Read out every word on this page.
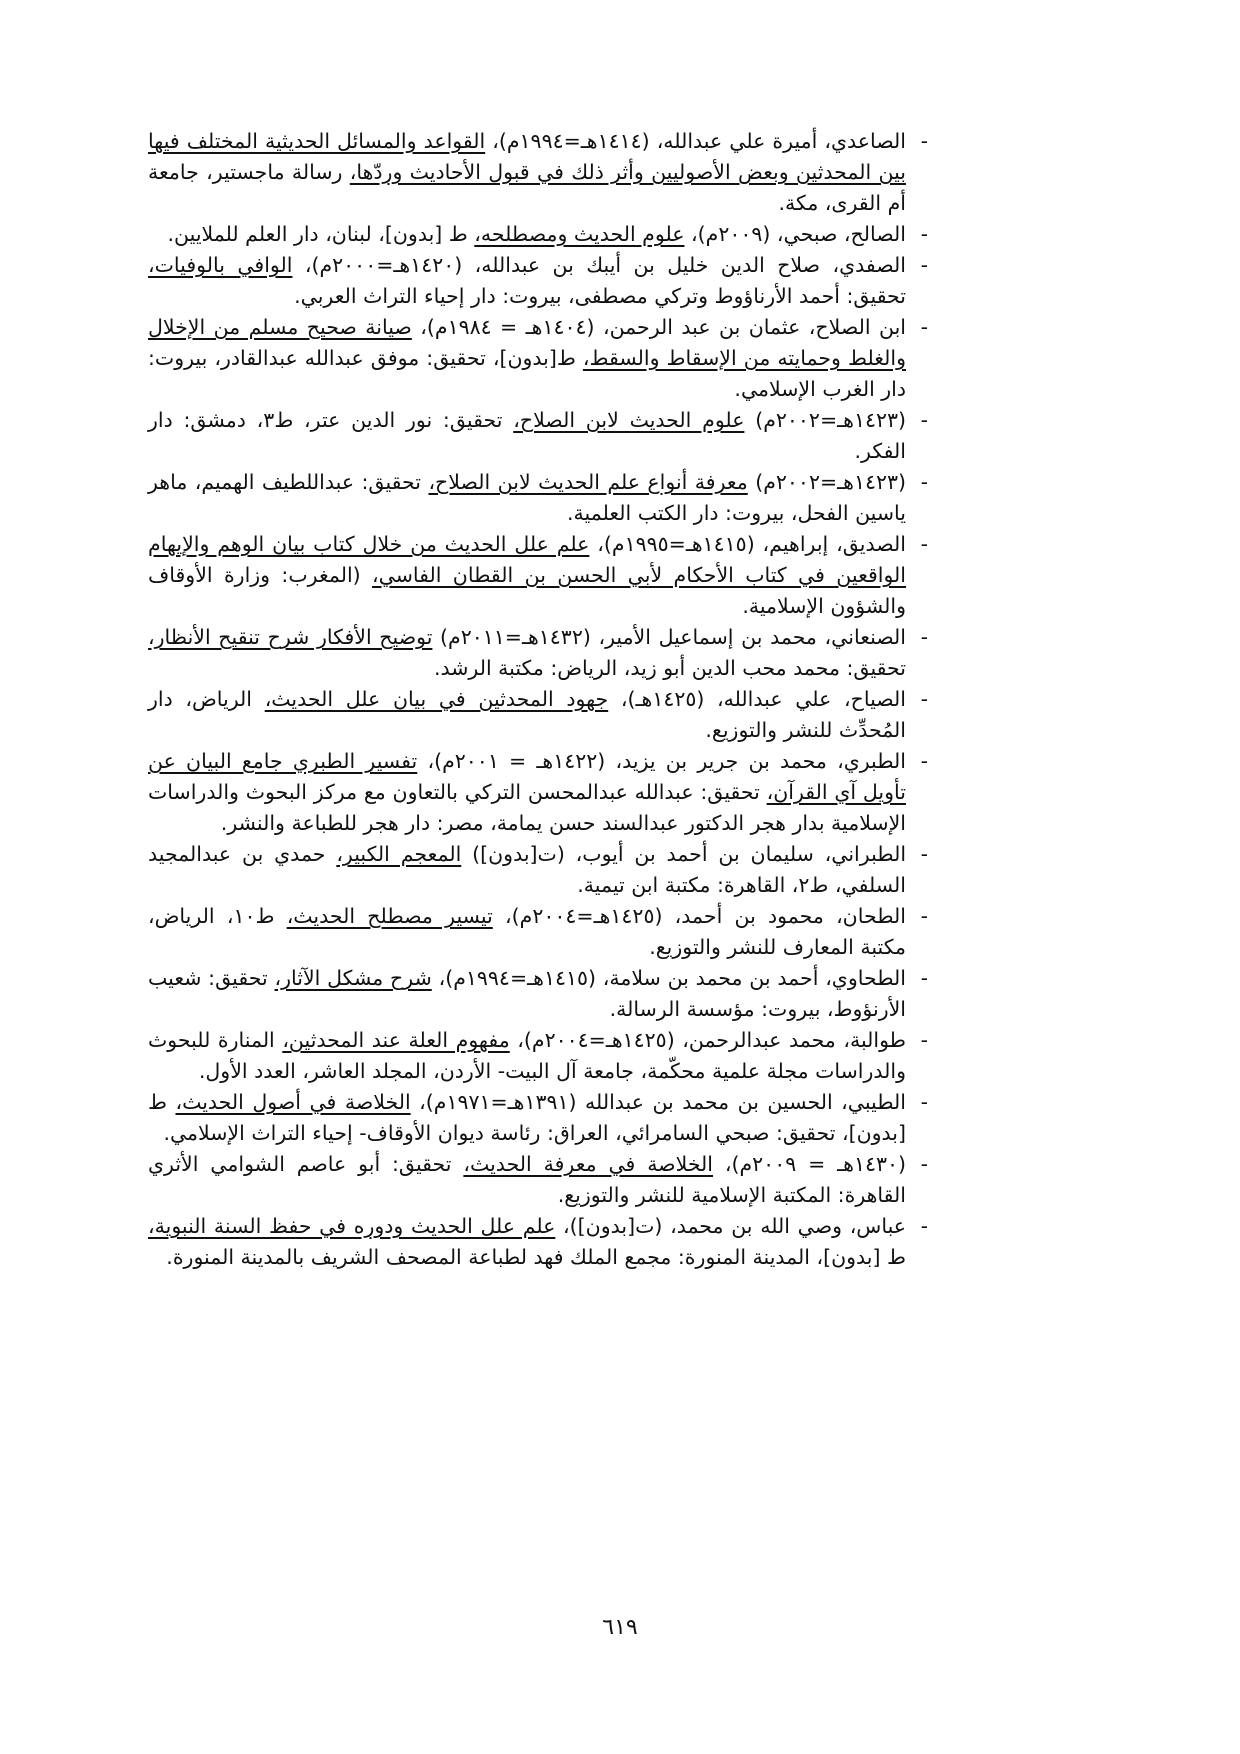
-
الصاعدي، أميرة علي عبدالله، (١٤١٤هـ=١٩٩٤م)، القواعد والمسائل الحديثية المختلف فيها بين المحدثين وبعض الأصوليين وأثر ذلك في قبول الأحاديث وردّها، رسالة ماجستير، جامعة أم القرى، مكة.

-
الصالح، صبحي، (٢٠٠٩م)، علوم الحديث ومصطلحه، ط [بدون]، لبنان، دار العلم للملايين.

-
الصفدي، صلاح الدين خليل بن أيبك بن عبدالله، (١٤٢٠هـ=٢٠٠٠م)، الوافي بالوفيات، تحقيق: أحمد الأرناؤوط وتركي مصطفى، بيروت: دار إحياء التراث العربي.

-
ابن الصلاح، عثمان بن عبد الرحمن، (١٤٠٤هـ = ١٩٨٤م)، صيانة صحيح مسلم من الإخلال والغلط وحمايته من الإسقاط والسقط، ط[بدون]، تحقيق: موفق عبدالله عبدالقادر، بيروت: دار الغرب الإسلامي.

-
(١٤٢٣هـ=٢٠٠٢م) علوم الحديث لابن الصلاح، تحقيق: نور الدين عتر، ط٣، دمشق: دار الفكر.

-
(١٤٢٣هـ=٢٠٠٢م) معرفة أنواع علم الحديث لابن الصلاح، تحقيق: عبداللطيف الهميم، ماهر ياسين الفحل، بيروت: دار الكتب العلمية.

-
الصديق، إبراهيم، (١٤١٥هـ=١٩٩٥م)، علم علل الحديث من خلال كتاب بيان الوهم والإيهام الواقعين في كتاب الأحكام لأبي الحسن بن القطان الفاسي، (المغرب: وزارة الأوقاف والشؤون الإسلامية.

-
الصنعاني، محمد بن إسماعيل الأمير، (١٤٣٢هـ=٢٠١١م) توضيح الأفكار شرح تنقيح الأنظار، تحقيق: محمد محب الدين أبو زيد، الرياض: مكتبة الرشد.

-
الصياح، علي عبدالله، (١٤٢٥هـ)، جهود المحدثين في بيان علل الحديث، الرياض، دار المُحدِّث للنشر والتوزيع.

-
الطبري، محمد بن جرير بن يزيد، (١٤٢٢هـ = ٢٠٠١م)، تفسير الطبري جامع البيان عن تأويل آي القرآن، تحقيق: عبدالله عبدالمحسن التركي بالتعاون مع مركز البحوث والدراسات الإسلامية بدار هجر الدكتور عبدالسند حسن يمامة، مصر: دار هجر للطباعة والنشر.

-
الطبراني، سليمان بن أحمد بن أيوب، (ت[بدون]) المعجم الكبير، حمدي بن عبدالمجيد السلفي، ط٢، القاهرة: مكتبة ابن تيمية.

-
الطحان، محمود بن أحمد، (١٤٢٥هـ=٢٠٠٤م)، تيسير مصطلح الحديث، ط١٠، الرياض، مكتبة المعارف للنشر والتوزيع.

-
الطحاوي، أحمد بن محمد بن سلامة، (١٤١٥هـ=١٩٩٤م)، شرح مشكل الآثار، تحقيق: شعيب الأرنؤوط، بيروت: مؤسسة الرسالة.

-
طوالبة، محمد عبدالرحمن، (١٤٢٥هـ=٢٠٠٤م)، مفهوم العلة عند المحدثين، المنارة للبحوث والدراسات مجلة علمية محكّمة، جامعة آل البيت- الأردن، المجلد العاشر، العدد الأول.

-
الطيبي، الحسين بن محمد بن عبدالله (١٣٩١هـ=١٩٧١م)، الخلاصة في أصول الحديث، ط [بدون]، تحقيق: صبحي السامرائي، العراق: رئاسة ديوان الأوقاف- إحياء التراث الإسلامي.

-
(١٤٣٠هـ = ٢٠٠٩م)، الخلاصة في معرفة الحديث، تحقيق: أبو عاصم الشوامي الأثري القاهرة: المكتبة الإسلامية للنشر والتوزيع.

-
عباس، وصي الله بن محمد، (ت[بدون])، علم علل الحديث ودوره في حفظ السنة النبوية، ط [بدون]، المدينة المنورة: مجمع الملك فهد لطباعة المصحف الشريف بالمدينة المنورة.

٦١٩
